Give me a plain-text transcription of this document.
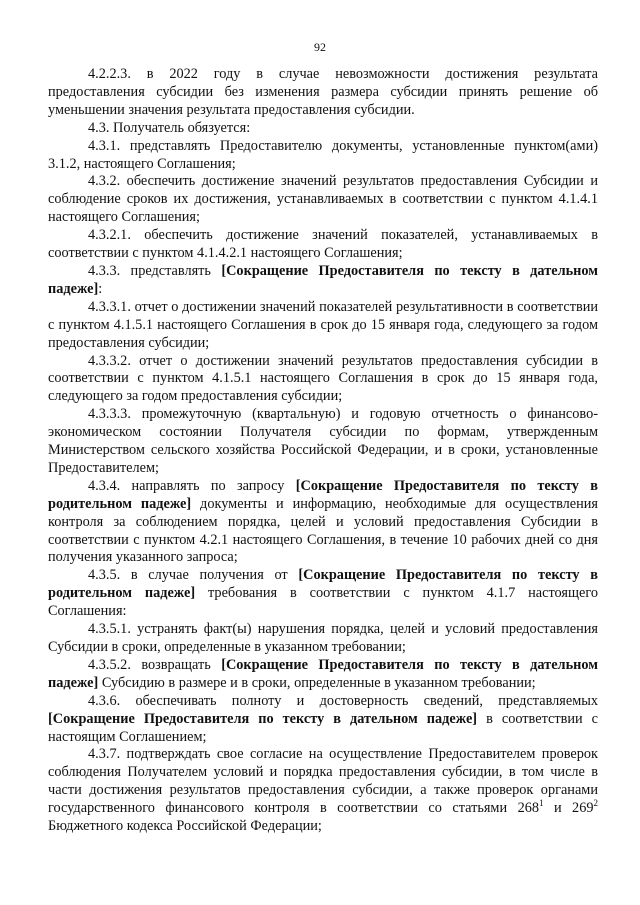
92

4.2.2.3. в 2022 году в случае невозможности достижения результата предоставления субсидии без изменения размера субсидии принять решение об уменьшении значения результата предоставления субсидии.

4.3. Получатель обязуется:

4.3.1. представлять Предоставителю документы, установленные пунктом(ами) 3.1.2, настоящего Соглашения;

4.3.2. обеспечить достижение значений результатов предоставления Субсидии и соблюдение сроков их достижения, устанавливаемых в соответствии с пунктом 4.1.4.1 настоящего Соглашения;

4.3.2.1. обеспечить достижение значений показателей, устанавливаемых в соответствии с пунктом 4.1.4.2.1 настоящего Соглашения;

4.3.3. представлять [Сокращение Предоставителя по тексту в дательном падеже]:

4.3.3.1. отчет о достижении значений показателей результативности в соответствии с пунктом 4.1.5.1 настоящего Соглашения в срок до 15 января года, следующего за годом предоставления субсидии;

4.3.3.2. отчет о достижении значений результатов предоставления субсидии в соответствии с пунктом 4.1.5.1 настоящего Соглашения в срок до 15 января года, следующего за годом предоставления субсидии;

4.3.3.3. промежуточную (квартальную) и годовую отчетность о финансово-экономическом состоянии Получателя субсидии по формам, утвержденным Министерством сельского хозяйства Российской Федерации, и в сроки, установленные Предоставителем;

4.3.4. направлять по запросу [Сокращение Предоставителя по тексту в родительном падеже] документы и информацию, необходимые для осуществления контроля за соблюдением порядка, целей и условий предоставления Субсидии в соответствии с пунктом 4.2.1 настоящего Соглашения, в течение 10 рабочих дней со дня получения указанного запроса;

4.3.5. в случае получения от [Сокращение Предоставителя по тексту в родительном падеже] требования в соответствии с пунктом 4.1.7 настоящего Соглашения:

4.3.5.1. устранять факт(ы) нарушения порядка, целей и условий предоставления Субсидии в сроки, определенные в указанном требовании;

4.3.5.2. возвращать [Сокращение Предоставителя по тексту в дательном падеже] Субсидию в размере и в сроки, определенные в указанном требовании;

4.3.6. обеспечивать полноту и достоверность сведений, представляемых [Сокращение Предоставителя по тексту в дательном падеже] в соответствии с настоящим Соглашением;

4.3.7. подтверждать свое согласие на осуществление Предоставителем проверок соблюдения Получателем условий и порядка предоставления субсидии, в том числе в части достижения результатов предоставления субсидии, а также проверок органами государственного финансового контроля в соответствии со статьями $268^1$ и $269^2$ Бюджетного кодекса Российской Федерации;
